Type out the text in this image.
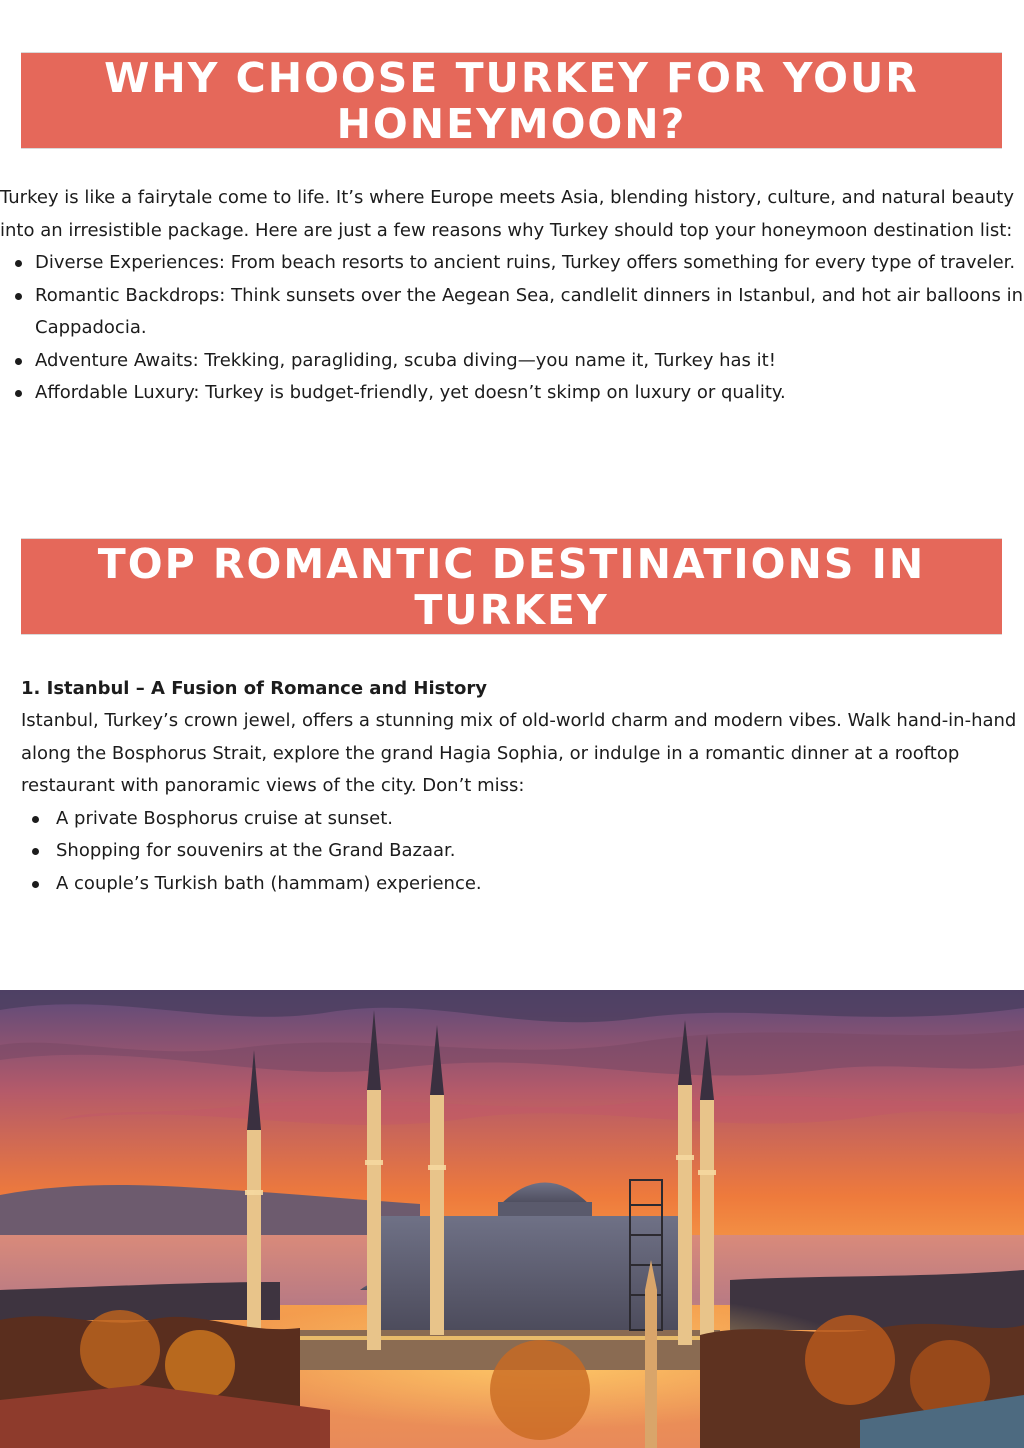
WHY CHOOSE TURKEY FOR YOUR HONEYMOON?

Turkey is like a fairytale come to life. It’s where Europe meets Asia, blending history, culture, and natural beauty into an irresistible package. Here are just a few reasons why Turkey should top your honeymoon destination list:

Diverse Experiences: From beach resorts to ancient ruins, Turkey offers something for every type of traveler.
Romantic Backdrops: Think sunsets over the Aegean Sea, candlelit dinners in Istanbul, and hot air balloons in Cappadocia.
Adventure Awaits: Trekking, paragliding, scuba diving—you name it, Turkey has it!
Affordable Luxury: Turkey is budget-friendly, yet doesn’t skimp on luxury or quality.
TOP ROMANTIC DESTINATIONS IN TURKEY
1. Istanbul – A Fusion of Romance and History

Istanbul, Turkey’s crown jewel, offers a stunning mix of old-world charm and modern vibes. Walk hand-in-hand along the Bosphorus Strait, explore the grand Hagia Sophia, or indulge in a romantic dinner at a rooftop restaurant with panoramic views of the city. Don’t miss:

A private Bosphorus cruise at sunset.
Shopping for souvenirs at the Grand Bazaar.
A couple’s Turkish bath (hammam) experience.
